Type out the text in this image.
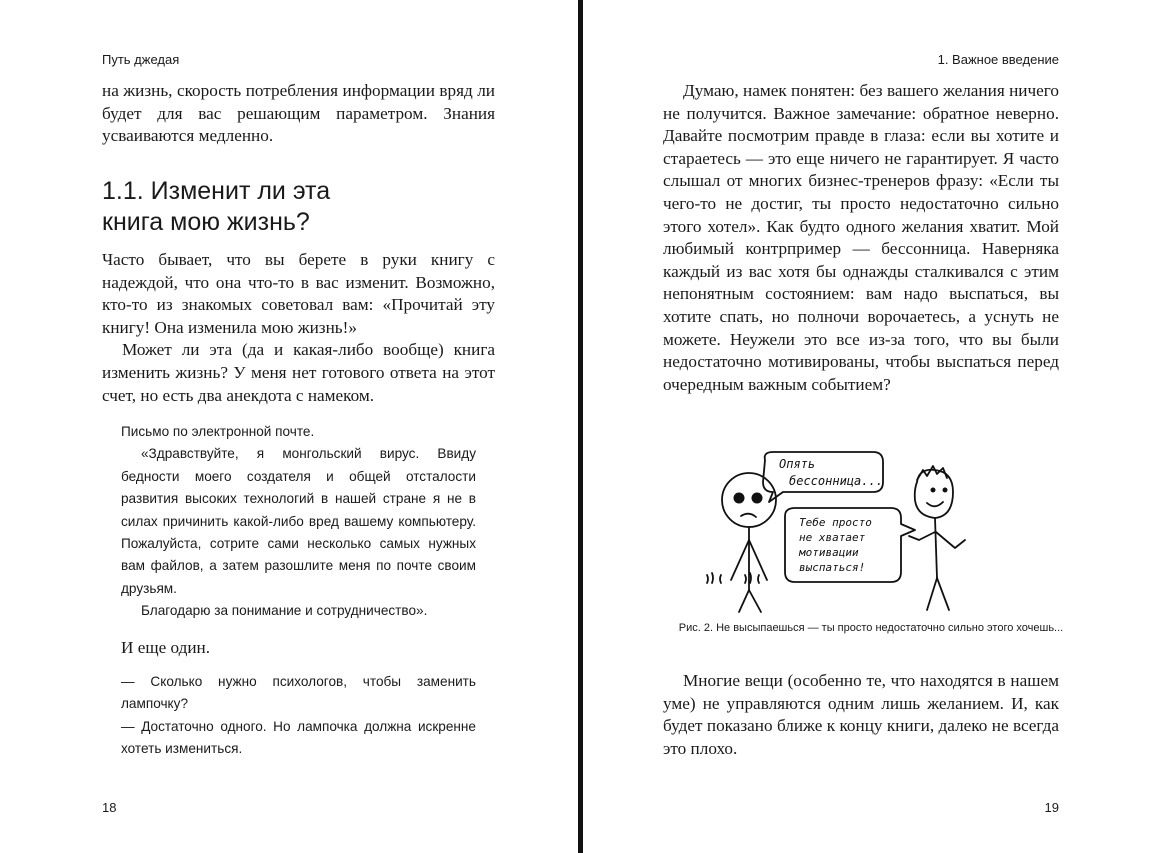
Путь джедая

на жизнь, скорость потребления информации вряд ли будет для вас решающим параметром. Знания усваиваются медленно.

1.1. Изменит ли эта
книга мою жизнь?

Часто бывает, что вы берете в руки книгу с надеждой, что она что-то в вас изменит. Возможно, кто-то из знакомых советовал вам: «Прочитай эту книгу! Она изменила мою жизнь!»

Может ли эта (да и какая-либо вообще) книга изменить жизнь? У меня нет готового ответа на этот счет, но есть два анекдота с намеком.

Письмо по электронной почте.

«Здравствуйте, я монгольский вирус. Ввиду бедности моего создателя и общей отсталости развития высоких технологий в нашей стране я не в силах причинить какой-либо вред вашему компьютеру. Пожалуйста, сотрите сами несколько самых нужных вам файлов, а затем разошлите меня по почте своим друзьям.

Благодарю за понимание и сотрудничество».

И еще один.

— Сколько нужно психологов, чтобы заменить лампочку?

— Достаточно одного. Но лампочка должна искренне хотеть измениться.

18
1. Важное введение

Думаю, намек понятен: без вашего желания ничего не получится. Важное замечание: обратное неверно. Давайте посмотрим правде в глаза: если вы хотите и стараетесь — это еще ничего не гарантирует. Я часто слышал от многих бизнес-тренеров фразу: «Если ты чего-то не достиг, ты просто недостаточно сильно этого хотел». Как будто одного желания хватит. Мой любимый контрпример — бессонница. Наверняка каждый из вас хотя бы однажды сталкивался с этим непонятным состоянием: вам надо выспаться, вы хотите спать, но полночи ворочаетесь, а уснуть не можете. Неужели это все из-за того, что вы были недостаточно мотивированы, чтобы выспаться перед очередным важным событием?

Опять
бессонница...
Тебе просто
не хватает
мотивации
выспаться!
Рис. 2. Не высыпаешься — ты просто недостаточно сильно этого хочешь...

Многие вещи (особенно те, что находятся в нашем уме) не управляются одним лишь желанием. И, как будет показано ближе к концу книги, далеко не всегда это плохо.

19
